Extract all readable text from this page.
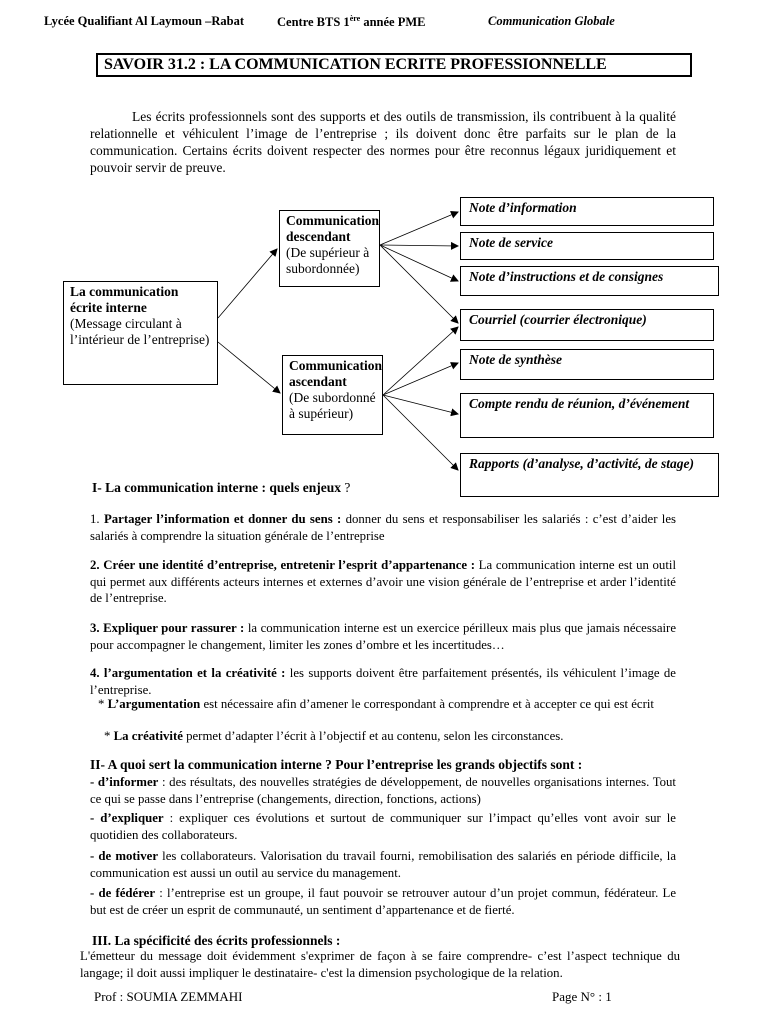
Lycée Qualifiant Al Laymoun –Rabat	Centre BTS 1ère année PME	Communication Globale
SAVOIR 31.2 : LA COMMUNICATION ECRITE PROFESSIONNELLE
Les écrits professionnels sont des supports et des outils de transmission, ils contribuent à la qualité relationnelle et véhiculent l’image de l’entreprise ; ils doivent donc être parfaits sur le plan de la communication. Certains écrits doivent respecter des normes pour être reconnus légaux juridiquement et pouvoir servir de preuve.
La communication écrite interne
(Message circulant à l’intérieur de l’entreprise)
Communication descendant
(De supérieur à subordonnée)
Communication ascendant
(De subordonné à supérieur)
Note d’information
Note de service
Note d’instructions et de consignes
Courriel (courrier électronique)
Note de synthèse
Compte rendu de réunion, d’événement
Rapports (d’analyse, d’activité, de stage)
I- La communication interne : quels enjeux ?
1. Partager l’information et donner du sens : donner du sens et responsabiliser les salariés : c’est d’aider les salariés à comprendre la situation générale de l’entreprise
2. Créer une identité d’entreprise, entretenir l’esprit d’appartenance : La communication interne est un outil qui permet aux différents acteurs internes et externes d’avoir une vision générale de l’entreprise et arder l’identité de l’entreprise.
3. Expliquer pour rassurer : la communication interne est un exercice périlleux mais plus que jamais nécessaire pour accompagner le changement, limiter les zones d’ombre et les incertitudes…
4. l’argumentation et la créativité : les supports doivent être parfaitement présentés, ils véhiculent l’image de l’entreprise.
* L’argumentation est nécessaire afin d’amener le correspondant à comprendre et à accepter ce qui est écrit
* La créativité permet d’adapter l’écrit à l’objectif et au contenu, selon les circonstances.
II- A quoi sert la communication interne ? Pour l’entreprise les grands objectifs sont :
- d’informer : des résultats, des nouvelles stratégies de développement, de nouvelles organisations internes. Tout ce qui se passe dans l’entreprise (changements, direction, fonctions, actions)
- d’expliquer : expliquer ces évolutions et surtout de communiquer sur l’impact qu’elles vont avoir sur le quotidien des collaborateurs.
- de motiver les collaborateurs. Valorisation du travail fourni, remobilisation des salariés en période difficile, la communication est aussi un outil au service du management.
- de fédérer : l’entreprise est un groupe, il faut pouvoir se retrouver autour d’un projet commun, fédérateur. Le but est de créer un esprit de communauté, un sentiment d’appartenance et de fierté.
III. La spécificité des écrits professionnels :
L'émetteur du message doit évidemment s'exprimer de façon à se faire comprendre- c’est l’aspect technique du langage; il doit aussi impliquer le destinataire- c'est la dimension psychologique de la relation.
Prof : SOUMIA ZEMMAHI	Page N° : 1
